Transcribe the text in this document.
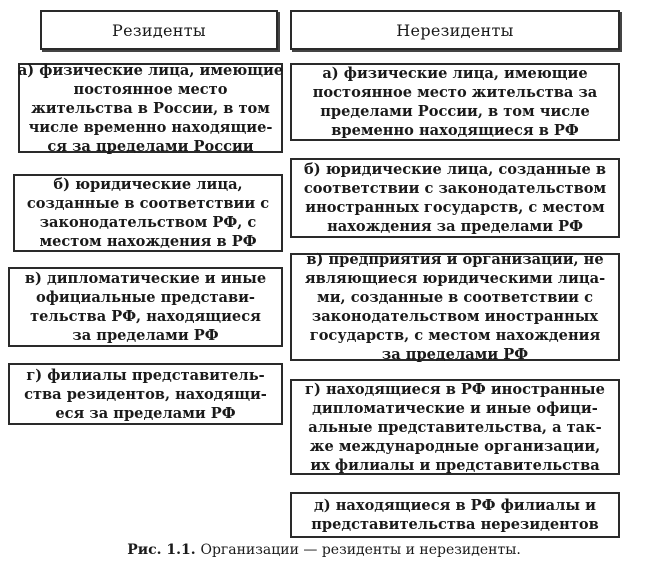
Резиденты	Нерезиденты
а) физические лица, имеющие
постоянное место
жительства в России, в том
числе временно находящие-
ся за пределами России
б) юридические лица,
созданные в соответствии с
законодательством РФ, с
местом нахождения в РФ
в) дипломатические и иные
официальные представи-
тельства РФ, находящиеся
за пределами РФ
г) филиалы представитель-
ства резидентов, находящи-
еся за пределами РФ
а) физические лица, имеющие
постоянное место жительства за
пределами России, в том числе
временно находящиеся в РФ
б) юридические лица, созданные в
соответствии с законодательством
иностранных государств, с местом
нахождения за пределами РФ
в) предприятия и организации, не
являющиеся юридическими лица-
ми, созданные в соответствии с
законодательством иностранных
государств, с местом нахождения
за пределами РФ
г) находящиеся в РФ иностранные
дипломатические и иные офици-
альные представительства, а так-
же международные организации,
их филиалы и представительства
д) находящиеся в РФ филиалы и
представительства нерезидентов
Рис. 1.1. Организации — резиденты и нерезиденты.
